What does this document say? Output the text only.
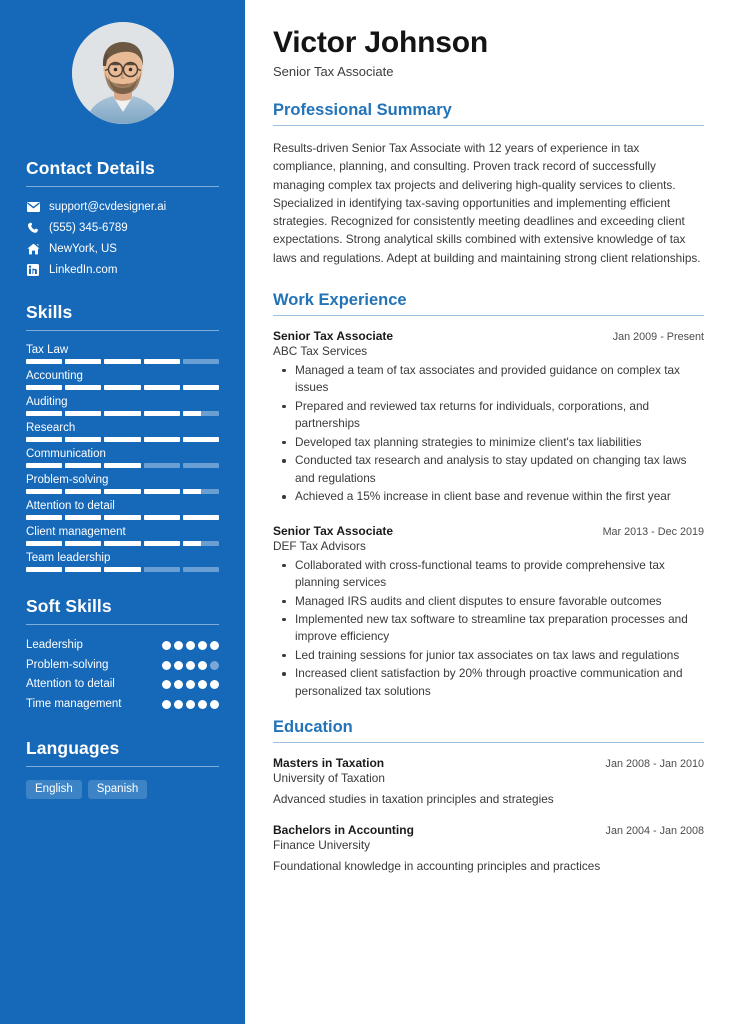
Contact Details
support@cvdesigner.ai
(555) 345-6789
NewYork, US
LinkedIn.com
Skills
Tax Law
Accounting
Auditing
Research
Communication
Problem-solving
Attention to detail
Client management
Team leadership
Soft Skills
Leadership
Problem-solving
Attention to detail
Time management
Languages
English	Spanish
Victor Johnson
Senior Tax Associate
Professional Summary

Results-driven Senior Tax Associate with 12 years of experience in tax compliance, planning, and consulting. Proven track record of successfully managing complex tax projects and delivering high-quality services to clients. Specialized in identifying tax-saving opportunities and implementing efficient strategies. Recognized for consistently meeting deadlines and exceeding client expectations. Strong analytical skills combined with extensive knowledge of tax laws and regulations. Adept at building and maintaining strong client relationships.

Work Experience
Senior Tax Associate	Jan 2009 - Present
ABC Tax Services
Managed a team of tax associates and provided guidance on complex tax issues
Prepared and reviewed tax returns for individuals, corporations, and partnerships
Developed tax planning strategies to minimize client's tax liabilities
Conducted tax research and analysis to stay updated on changing tax laws and regulations
Achieved a 15% increase in client base and revenue within the first year
Senior Tax Associate	Mar 2013 - Dec 2019
DEF Tax Advisors
Collaborated with cross-functional teams to provide comprehensive tax planning services
Managed IRS audits and client disputes to ensure favorable outcomes
Implemented new tax software to streamline tax preparation processes and improve efficiency
Led training sessions for junior tax associates on tax laws and regulations
Increased client satisfaction by 20% through proactive communication and personalized tax solutions
Education
Masters in Taxation	Jan 2008 - Jan 2010
University of Taxation
Advanced studies in taxation principles and strategies
Bachelors in Accounting	Jan 2004 - Jan 2008
Finance University
Foundational knowledge in accounting principles and practices
